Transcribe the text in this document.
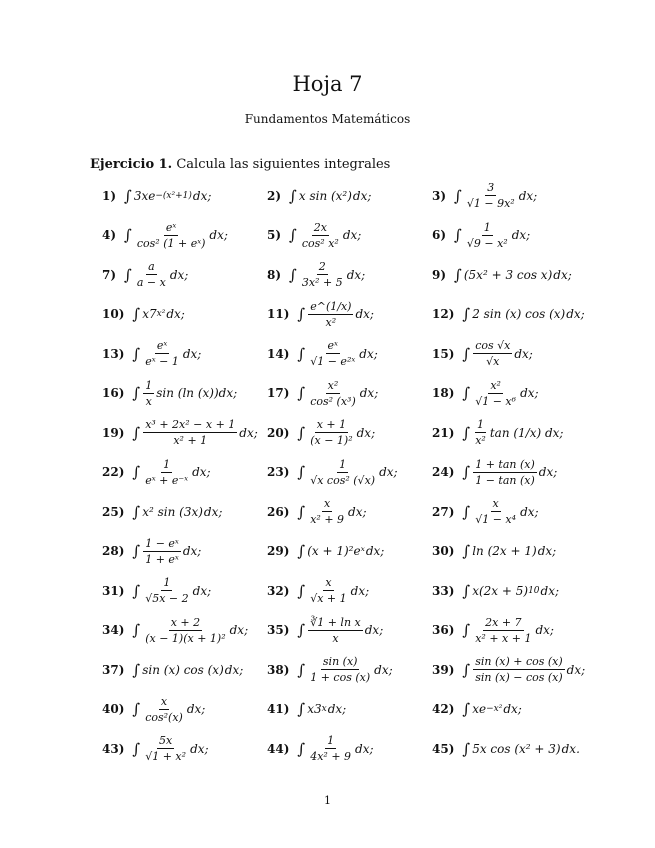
Hoja 7
Fundamentos Matemáticos
Ejercicio 1. Calcula las siguientes integrales
1) ∫ 3xe −(x²+1) dx;	2) ∫ x sin (x²) dx;	3) ∫ $\frac{3}{\text{√1 − 9x²}}$ dx;
4) ∫ $\frac{\text{eˣ}}{\text{cos² (1 + eˣ)}}$ dx;	5) ∫ $\frac{2x}{\text{cos² x²}}$ dx;	6) ∫ $\frac{1}{\text{√9 − x²}}$ dx;
7) ∫ $\frac{a}{a - x}$ dx;	8) ∫ $\frac{2}{\text{3x² + 5}}$ dx;	9) ∫ (5x² + 3 cos x) dx;
10) ∫ x7 x² dx;	11) ∫ $\frac{e\^{}(1/x)}{\text{x²}}$ dx;	12) ∫ 2 sin (x) cos (x) dx;
13) ∫ $\frac{\text{eˣ}}{\text{eˣ − 1}}$ dx;	14) ∫ $\frac{\text{eˣ}}{\text{√1 − e²ˣ}}$ dx;	15) ∫ $\frac{\cos √x}{√x}$ dx;
16) ∫ $\frac{1}{x}$ sin (ln (x))dx; 17) ∫ $\frac{\text{x²}}{\text{cos² (x³)}}$ dx;	18) ∫ $\frac{\text{x²}}{\text{√1 − x⁶}}$ dx;
19) ∫ $\frac{\text{x³ + 2x² − x + 1}}{\text{x² + 1}}$ dx; 20) ∫ $\frac{x + 1}{\text{(x − 1)²}}$ dx;	21) ∫ $\frac{1}{\text{x²}}$ tan (1/x) dx;
22) ∫ $\frac{1}{\text{eˣ + e⁻ˣ}}$ dx;	23) ∫ $\frac{1}{\text{√x cos² (√x)}}$ dx;	24) ∫ $\frac{1 + \tan (x)}{1 - \tan (x)}$ dx;
25) ∫ x² sin (3x) dx;	26) ∫ $\frac{x}{\text{x² + 9}}$ dx;	27) ∫ $\frac{x}{\text{√1 − x⁴}}$ dx;
28) ∫ $\frac{\text{1 − eˣ}}{\text{1 + eˣ}}$ dx;	29) ∫ (x + 1)²eˣ dx;	30) ∫ ln (2x + 1) dx;
31) ∫ $\frac{1}{√5x - 2}$ dx;	32) ∫ $\frac{x}{√x + 1}$ dx;	33) ∫ x(2x + 5) 10 dx;
34) ∫ $\frac{x + 2}{\text{(x − 1)(x + 1)²}}$ dx; 35) ∫ $\frac{\text{∛1 + ln x}}{x}$ dx;	36) ∫ $\frac{2x + 7}{\text{x² + x + 1}}$ dx;
37) ∫ sin (x) cos (x) dx; 38) ∫ $\frac{\sin (x)}{1 + \cos (x)}$ dx;	39) ∫ $\frac{\sin (x) + \cos (x)}{\sin (x) - \cos (x)}$ dx;
40) ∫ $\frac{x}{\text{cos²(x)}}$ dx;	41) ∫ x3 x dx;	42) ∫ xe −x² dx;
43) ∫ $\frac{5x}{\text{√1 + x²}}$ dx;	44) ∫ $\frac{1}{\text{4x² + 9}}$ dx;	45) ∫ 5x cos (x² + 3) dx.
1
